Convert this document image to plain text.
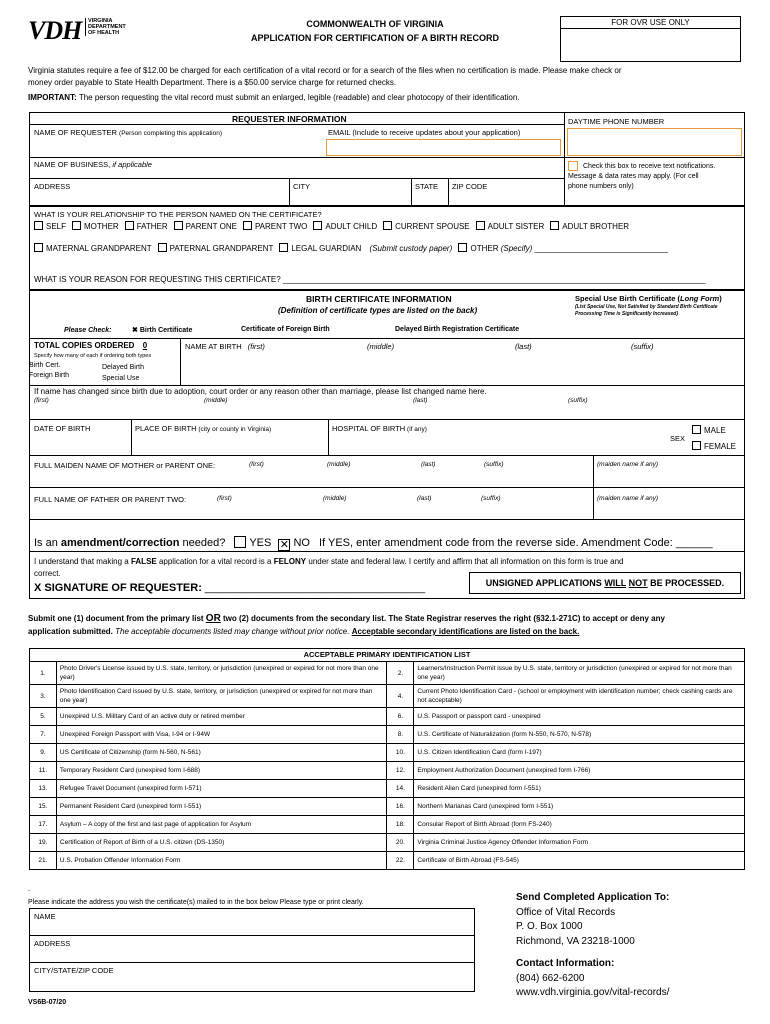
VDH VIRGINIA
DEPARTMENT
OF HEALTH
COMMONWEALTH OF VIRGINIA
APPLICATION FOR CERTIFICATION OF A BIRTH RECORD
FOR OVR USE ONLY
Virginia statutes require a fee of $12.00 be charged for each certification of a vital record or for a search of the files when no certification is made. Please make check or
money order payable to State Health Department. There is a $50.00 service charge for returned checks.
IMPORTANT: The person requesting the vital record must submit an enlarged, legible (readable) and clear photocopy of their identification.
REQUESTER INFORMATION
NAME OF REQUESTER (Person completing this application)	EMAIL (Include to receive updates about your application)
DAYTIME PHONE NUMBER
NAME OF BUSINESS, if applicable	Check this box to receive text notifications.
Message & data rates may apply. (For cell
phone numbers only)
ADDRESS	CITY	STATE ZIP CODE
WHAT IS YOUR RELATIONSHIP TO THE PERSON NAMED ON THE CERTIFICATE?
SELF MOTHER FATHER PARENT ONE PARENT TWO ADULT CHILD CURRENT SPOUSE ADULT SISTER ADULT BROTHER
MATERNAL GRANDPARENT PATERNAL GRANDPARENT LEGAL GUARDIAN (Submit custody paper) OTHER (Specify) ______________________________
WHAT IS YOUR REASON FOR REQUESTING THIS CERTIFICATE? _______________________________________________________________________________________________
BIRTH CERTIFICATE INFORMATION
(Definition of certificate types are listed on the back)
Special Use Birth Certificate (Long Form)
(List Special Use, Not Satisfied by Standard Birth Certificate
Processing Time is Significantly Increased)
Please Check:	✖ Birth Certificate	Certificate of Foreign Birth	Delayed Birth Registration Certificate
TOTAL COPIES ORDERED 0
Specify how many of each if ordering both types
Birth Cert.
Foreign Birth
Delayed Birth
Special Use
NAME AT BIRTH (first)	(middle)	(last)	(suffix)
If name has changed since birth due to adoption, court order or any reason other than marriage, please list changed name here.
(first)	(middle)	(last)	(suffix)
DATE OF BIRTH	PLACE OF BIRTH (city or county in Virginia)	HOSPITAL OF BIRTH (if any)
SEX
MALE
FEMALE
FULL MAIDEN NAME OF MOTHER or PARENT ONE:	(first)	(middle)	(last)	(suffix)	(maiden name if any)
FULL NAME OF FATHER OR PARENT TWO:	(first)	(middle)	(last)	(suffix)	(maiden name if any)
Is an amendment/correction needed? YES ✕ NO If YES, enter amendment code from the reverse side. Amendment Code: ______
I understand that making a FALSE application for a vital record is a FELONY under state and federal law. I certify and affirm that all information on this form is true and
correct.
X SIGNATURE OF REQUESTER: ____________________________________	UNSIGNED APPLICATIONS WILL NOT BE PROCESSED.
Submit one (1) document from the primary list OR two (2) documents from the secondary list. The State Registrar reserves the right (§32.1-271C) to accept or deny any
application submitted. The acceptable documents listed may change without prior notice. Acceptable secondary identifications are listed on the back.
ACCEPTABLE PRIMARY IDENTIFICATION LIST			
1.	Photo Driver's License issued by U.S. state, territory, or jurisdiction (unexpired or expired for not more than one year)	2.	Learners/Instruction Permit issue by U.S. state, territory or jurisdiction (unexpired or expired for not more than one year)
3.	Photo Identification Card issued by U.S. state, territory, or jurisdiction (unexpired or expired for not more than one year)	4.	Current Photo Identification Card - (school or employment with identification number; check cashing cards are not acceptable)
5.	Unexpired U.S. Military Card of an active duty or retired member	6.	U.S. Passport or passport card - unexpired
7.	Unexpired Foreign Passport with Visa, I-94 or I-94W	8.	U.S. Certificate of Naturalization (form N-550, N-570, N-578)
9.	US Certificate of Citizenship (form N-560, N-561)	10.	U.S. Citizen Identification Card (form I-197)
11.	Temporary Resident Card (unexpired form I-688)	12.	Employment Authorization Document (unexpired form I-766)
13.	Refugee Travel Document (unexpired form I-571)	14.	Resident Alien Card (unexpired form I-551)
15.	Permanent Resident Card (unexpired form I-551)	16.	Northern Marianas Card (unexpired form I-551)
17.	Asylum – A copy of the first and last page of application for Asylum	18.	Consular Report of Birth Abroad (form FS-240)
19.	Certification of Report of Birth of a U.S. citizen (DS-1350)	20.	Virginia Criminal Justice Agency Offender Information Form
21.	U.S. Probation Offender Information Form	22.	Certificate of Birth Abroad (FS-545)
.
Please indicate the address you wish the certificate(s) mailed to in the box below Please type or print clearly.
NAME
ADDRESS
CITY/STATE/ZIP CODE
VS6B-07/20
Send Completed Application To:
Office of Vital Records
P. O. Box 1000
Richmond, VA 23218-1000
Contact Information:
(804) 662-6200
www.vdh.virginia.gov/vital-records/
